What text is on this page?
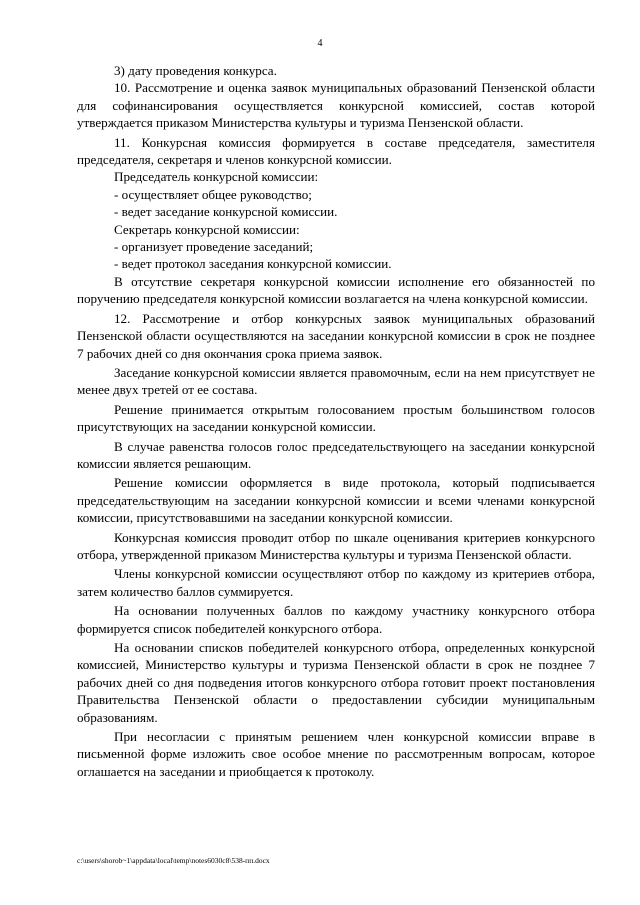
4

3) дату проведения конкурса.

10. Рассмотрение и оценка заявок муниципальных образований Пензенской области для софинансирования осуществляется конкурсной комиссией, состав которой утверждается приказом Министерства культуры и туризма Пензенской области.

11. Конкурсная комиссия формируется в составе председателя, заместителя председателя, секретаря и членов конкурсной комиссии.

Председатель конкурсной комиссии:

- осуществляет общее руководство;

- ведет заседание конкурсной комиссии.

Секретарь конкурсной комиссии:

- организует проведение заседаний;

- ведет протокол заседания конкурсной комиссии.

В отсутствие секретаря конкурсной комиссии исполнение его обязанностей по поручению председателя конкурсной комиссии возлагается на члена конкурсной комиссии.

12. Рассмотрение и отбор конкурсных заявок муниципальных образований Пензенской области осуществляются на заседании конкурсной комиссии в срок не позднее 7 рабочих дней со дня окончания срока приема заявок.

Заседание конкурсной комиссии является правомочным, если на нем присутствует не менее двух третей от ее состава.

Решение принимается открытым голосованием простым большинством голосов присутствующих на заседании конкурсной комиссии.

В случае равенства голосов голос председательствующего на заседании конкурсной комиссии является решающим.

Решение комиссии оформляется в виде протокола, который подписывается председательствующим на заседании конкурсной комиссии и всеми членами конкурсной комиссии, присутствовавшими на заседании конкурсной комиссии.

Конкурсная комиссия проводит отбор по шкале оценивания критериев конкурсного отбора, утвержденной приказом Министерства культуры и туризма Пензенской области.

Члены конкурсной комиссии осуществляют отбор по каждому из критериев отбора, затем количество баллов суммируется.

На основании полученных баллов по каждому участнику конкурсного отбора формируется список победителей конкурсного отбора.

На основании списков победителей конкурсного отбора, определенных конкурсной комиссией, Министерство культуры и туризма Пензенской области в срок не позднее 7 рабочих дней со дня подведения итогов конкурсного отбора готовит проект постановления Правительства Пензенской области о предоставлении субсидии муниципальным образованиям.

При несогласии с принятым решением член конкурсной комиссии вправе в письменной форме изложить свое особое мнение по рассмотренным вопросам, которое оглашается на заседании и приобщается к протоколу.

c:\users\shorob~1\appdata\local\temp\notes6030c8\538-пп.docx
